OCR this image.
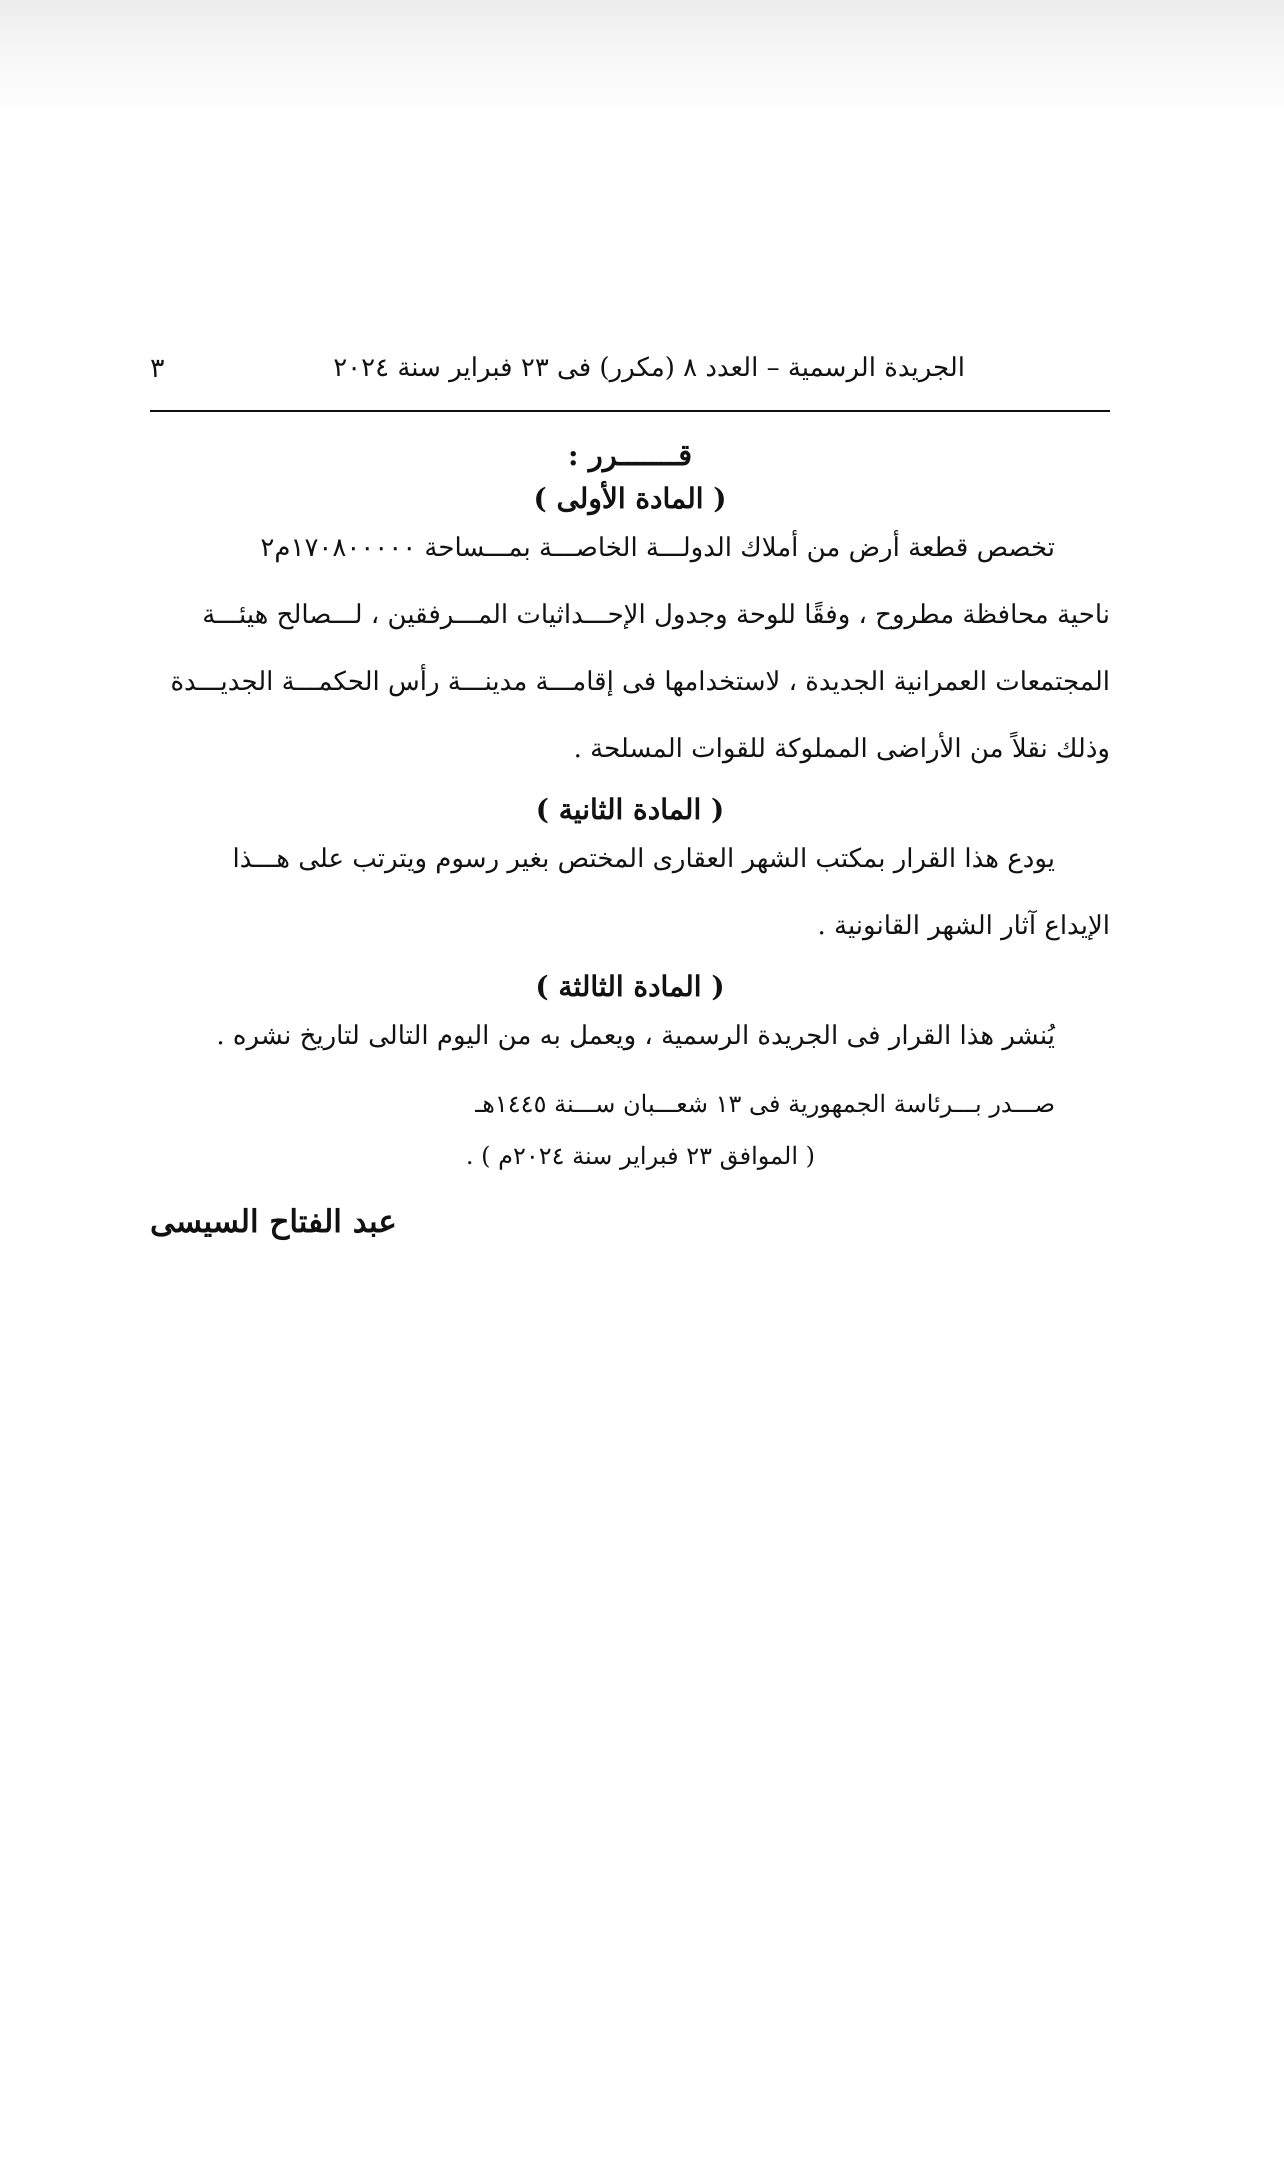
الجريدة الرسمية – العدد ٨ (مكرر) فى ٢٣ فبراير سنة ٢٠٢٤
٣
قـــــــرر :
( المادة الأولى )
تخصص قطعة أرض من أملاك الدولـــة الخاصـــة بمـــساحة ١٧٠٨٠٠٠٠٠م٢
ناحية محافظة مطروح ، وفقًا للوحة وجدول الإحـــداثيات المـــرفقين ، لـــصالح هيئـــة
المجتمعات العمرانية الجديدة ، لاستخدامها فى إقامـــة مدينـــة رأس الحكمـــة الجديـــدة
وذلك نقلاً من الأراضى المملوكة للقوات المسلحة .
( المادة الثانية )
يودع هذا القرار بمكتب الشهر العقارى المختص بغير رسوم ويترتب على هـــذا
الإيداع آثار الشهر القانونية .
( المادة الثالثة )
يُنشر هذا القرار فى الجريدة الرسمية ، ويعمل به من اليوم التالى لتاريخ نشره .
صـــدر بـــرئاسة الجمهورية فى ١٣ شعـــبان ســـنة ١٤٤٥هـ
( الموافق ٢٣ فبراير سنة ٢٠٢٤م ) .
عبد الفتاح السيسى
